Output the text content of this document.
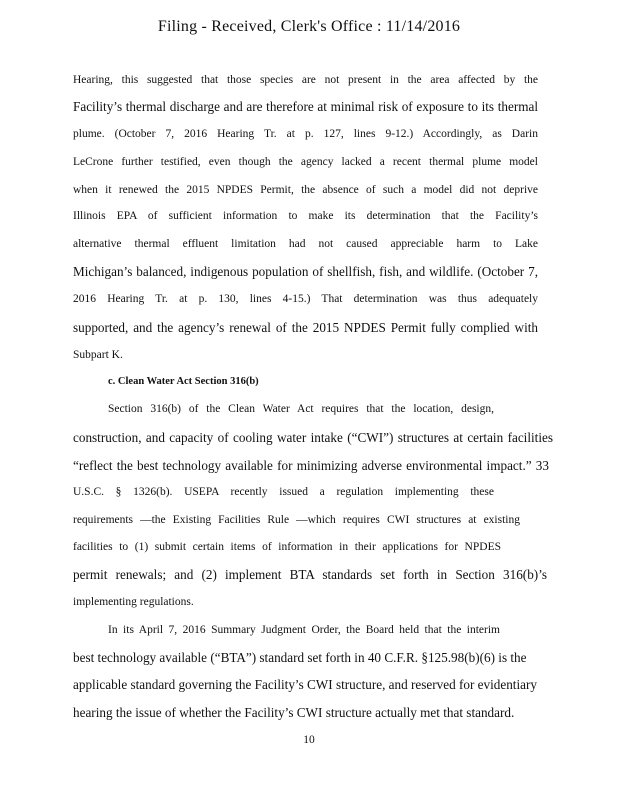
Filing - Received, Clerk's Office : 11/14/2016
Hearing, this suggested that those species are not present in the area affected by the
Facility’s thermal discharge and are therefore at minimal risk of exposure to its thermal
plume. (October 7, 2016 Hearing Tr. at p. 127, lines 9-12.) Accordingly, as Darin
LeCrone further testified, even though the agency lacked a recent thermal plume model
when it renewed the 2015 NPDES Permit, the absence of such a model did not deprive
Illinois EPA of sufficient information to make its determination that the Facility’s
alternative thermal effluent limitation had not caused appreciable harm to Lake
Michigan’s balanced, indigenous population of shellfish, fish, and wildlife. (October 7,
2016 Hearing Tr. at p. 130, lines 4-15.) That determination was thus adequately
supported, and the agency’s renewal of the 2015 NPDES Permit fully complied with
Subpart K.
c. Clean Water Act Section 316(b)
Section 316(b) of the Clean Water Act requires that the location, design,
construction, and capacity of cooling water intake (“CWI”) structures at certain facilities
“reflect the best technology available for minimizing adverse environmental impact.” 33
U.S.C. § 1326(b). USEPA recently issued a regulation implementing these
requirements —the Existing Facilities Rule —which requires CWI structures at existing
facilities to (1) submit certain items of information in their applications for NPDES
permit renewals; and (2) implement BTA standards set forth in Section 316(b)’s
implementing regulations.
In its April 7, 2016 Summary Judgment Order, the Board held that the interim
best technology available (“BTA”) standard set forth in 40 C.F.R. §125.98(b)(6) is the
applicable standard governing the Facility’s CWI structure, and reserved for evidentiary
hearing the issue of whether the Facility’s CWI structure actually met that standard.
10
